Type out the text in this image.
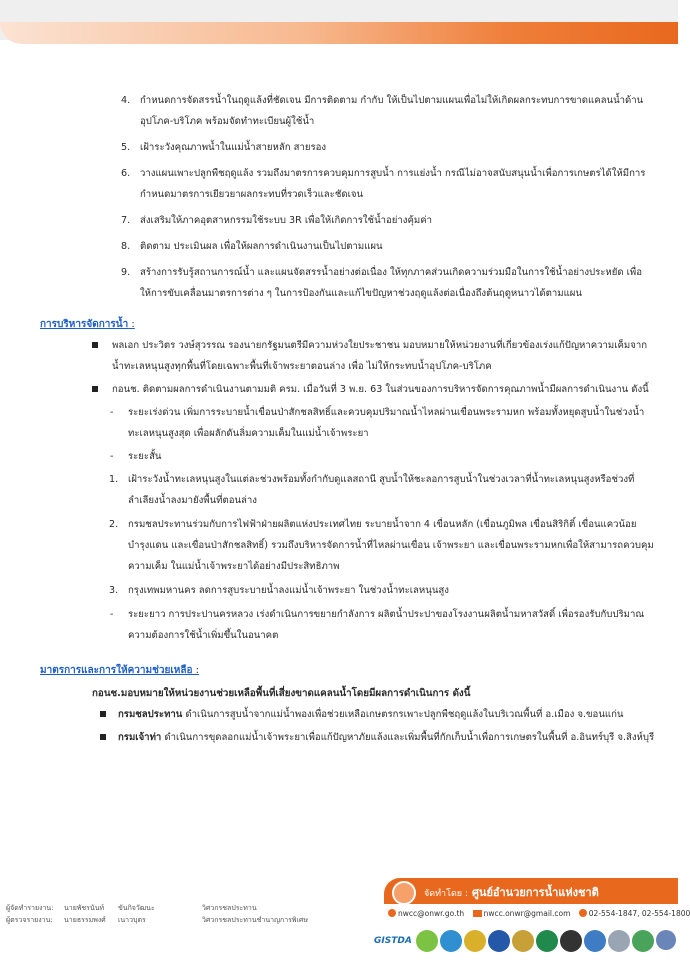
4. กำหนดการจัดสรรน้ำในฤดูแล้งที่ชัดเจน มีการติดตาม กำกับ ให้เป็นไปตามแผนเพื่อไม่ให้เกิดผลกระทบการขาดแคลนน้ำด้านอุปโภค-บริโภค พร้อมจัดทำทะเบียนผู้ใช้น้ำ
5. เฝ้าระวังคุณภาพน้ำในแม่น้ำสายหลัก สายรอง
6. วางแผนเพาะปลูกพืชฤดูแล้ง รวมถึงมาตรการควบคุมการสูบน้ำ การแย่งน้ำ กรณีไม่อาจสนับสนุนน้ำเพื่อการเกษตรได้ให้มีการกำหนดมาตรการเยียวยาผลกระทบที่รวดเร็วและชัดเจน
7. ส่งเสริมให้ภาคอุตสาหกรรมใช้ระบบ 3R เพื่อให้เกิดการใช้น้ำอย่างคุ้มค่า
8. ติดตาม ประเมินผล เพื่อให้ผลการดำเนินงานเป็นไปตามแผน
9. สร้างการรับรู้สถานการณ์น้ำ และแผนจัดสรรน้ำอย่างต่อเนื่อง ให้ทุกภาคส่วนเกิดความร่วมมือในการใช้น้ำอย่างประหยัด เพื่อให้การขับเคลื่อนมาตรการต่าง ๆ ในการป้องกันและแก้ไขปัญหาช่วงฤดูแล้งต่อเนื่องถึงต้นฤดูหนาวได้ตามแผน
การบริหารจัดการน้ำ :
พลเอก ประวิตร วงษ์สุวรรณ รองนายกรัฐมนตรีมีความห่วงใยประชาชน มอบหมายให้หน่วยงานที่เกี่ยวข้องเร่งแก้ปัญหาความเค็มจากน้ำทะเลหนุนสูงทุกพื้นที่โดยเฉพาะพื้นที่เจ้าพระยาตอนล่าง เพื่อ ไม่ให้กระทบน้ำอุปโภค-บริโภค
กอนช. ติดตามผลการดำเนินงานตามมติ ครม. เมื่อวันที่ 3 พ.ย. 63 ในส่วนของการบริหารจัดการคุณภาพน้ำมีผลการดำเนินงาน ดังนี้
- ระยะเร่งด่วน เพิ่มการระบายน้ำเขื่อนป่าสักชลสิทธิ์และควบคุมปริมาณน้ำไหลผ่านเขื่อนพระรามหก พร้อมทั้งหยุดสูบน้ำในช่วงน้ำทะเลหนุนสูงสุด เพื่อผลักดันลิ่มความเค็มในแม่น้ำเจ้าพระยา
- ระยะสั้น
1. เฝ้าระวังน้ำทะเลหนุนสูงในแต่ละช่วงพร้อมทั้งกำกับดูแลสถานี สูบน้ำให้ชะลอการสูบน้ำในช่วงเวลาที่น้ำทะเลหนุนสูงหรือช่วงที่ลำเลียงน้ำลงมายังพื้นที่ตอนล่าง
2. กรมชลประทานร่วมกับการไฟฟ้าฝ่ายผลิตแห่งประเทศไทย ระบายน้ำจาก 4 เขื่อนหลัก (เขื่อนภูมิพล เขื่อนสิริกิติ์ เขื่อนแควน้อยบำรุงแดน และเขื่อนป่าสักชลสิทธิ์) รวมถึงบริหารจัดการน้ำที่ไหลผ่านเขื่อน เจ้าพระยา และเขื่อนพระรามหกเพื่อให้สามารถควบคุมความเค็ม ในแม่น้ำเจ้าพระยาได้อย่างมีประสิทธิภาพ
3. กรุงเทพมหานคร ลดการสูบระบายน้ำลงแม่น้ำเจ้าพระยา ในช่วงน้ำทะเลหนุนสูง
- ระยะยาว การประปานครหลวง เร่งดำเนินการขยายกำลังการ ผลิตน้ำประปาของโรงงานผลิตน้ำมหาสวัสดิ์ เพื่อรองรับกับปริมาณ ความต้องการใช้น้ำเพิ่มขึ้นในอนาคต
มาตรการและการให้ความช่วยเหลือ :
กอนช.มอบหมายให้หน่วยงานช่วยเหลือพื้นที่เสี่ยงขาดแคลนน้ำโดยมีผลการดำเนินการ ดังนี้
กรมชลประทาน ดำเนินการสูบน้ำจากแม่น้ำพองเพื่อช่วยเหลือเกษตรกรเพาะปลูกพืชฤดูแล้งในบริเวณพื้นที่ อ.เมือง จ.ขอนแก่น
กรมเจ้าท่า ดำเนินการขุดลอกแม่น้ำเจ้าพระยาเพื่อแก้ปัญหาภัยแล้งและเพิ่มพื้นที่กักเก็บน้ำเพื่อการเกษตรในพื้นที่ อ.อินทร์บุรี จ.สิงห์บุรี
จัดทำโดย : ศูนย์อำนวยการน้ำแห่งชาติ
ผู้จัดทำรายงาน: นายพัชรนันท์ ขันกิจวัฒนะ	วิศวกรชลประทาน
ผู้ตรวจรายงาน: นายธรรมพงศ์ เนาวบุตร	วิศวกรชลประทานชำนาญการพิเศษ
nwcc@onwr.go.th	nwcc.onwr@gmail.com 02-554-1847, 02-554-1800
GISTDA
